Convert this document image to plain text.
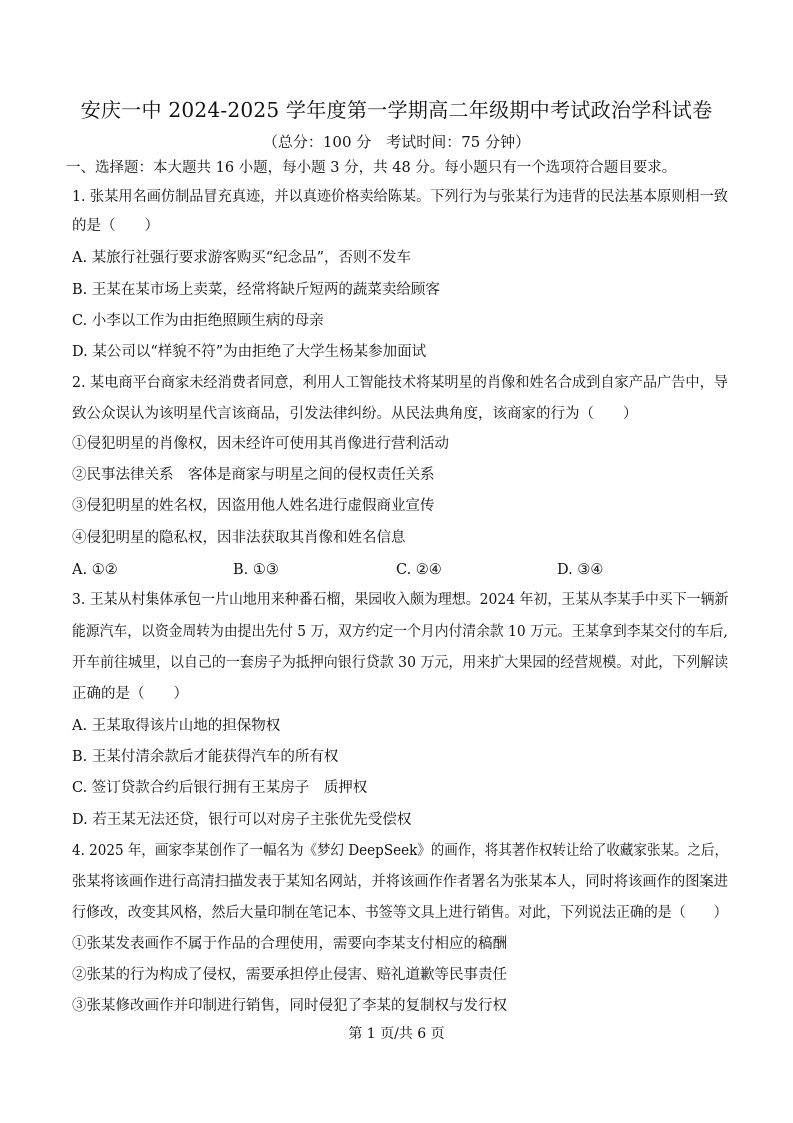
安庆一中 2024-2025 学年度第一学期高二年级期中考试政治学科试卷
（总分：100 分　考试时间：75 分钟）
一、选择题：本大题共 16 小题，每小题 3 分，共 48 分。每小题只有一个选项符合题目要求。
1. 张某用名画仿制品冒充真迹，并以真迹价格卖给陈某。下列行为与张某行为违背的民法基本原则相一致
的是（　　）
A. 某旅行社强行要求游客购买“纪念品”，否则不发车
B. 王某在某市场上卖菜，经常将缺斤短两的蔬菜卖给顾客
C. 小李以工作为由拒绝照顾生病的母亲
D. 某公司以“样貌不符”为由拒绝了大学生杨某参加面试
2. 某电商平台商家未经消费者同意，利用人工智能技术将某明星的肖像和姓名合成到自家产品广告中，导
致公众误认为该明星代言该商品，引发法律纠纷。从民法典角度，该商家的行为（　　）
①侵犯明星的肖像权，因未经许可使用其肖像进行营利活动
②民事法律关系　客体是商家与明星之间的侵权责任关系
③侵犯明星的姓名权，因盗用他人姓名进行虚假商业宣传
④侵犯明星的隐私权，因非法获取其肖像和姓名信息
A. ①②	B. ①③	C. ②④	D. ③④
3. 王某从村集体承包一片山地用来种番石榴，果园收入颇为理想。2024 年初，王某从李某手中买下一辆新
能源汽车，以资金周转为由提出先付 5 万，双方约定一个月内付清余款 10 万元。王某拿到李某交付的车后,
开车前往城里，以自己的一套房子为抵押向银行贷款 30 万元，用来扩大果园的经营规模。对此，下列解读
正确的是（　　）
A. 王某取得该片山地的担保物权
B. 王某付清余款后才能获得汽车的所有权
C. 签订贷款合约后银行拥有王某房子　质押权
D. 若王某无法还贷，银行可以对房子主张优先受偿权
4. 2025 年，画家李某创作了一幅名为《梦幻 DeepSeek》的画作，将其著作权转让给了收藏家张某。之后，
张某将该画作进行高清扫描发表于某知名网站，并将该画作作者署名为张某本人，同时将该画作的图案进
行修改，改变其风格，然后大量印制在笔记本、书签等文具上进行销售。对此，下列说法正确的是（　　）
①张某发表画作不属于作品的合理使用，需要向李某支付相应的稿酬
②张某的行为构成了侵权，需要承担停止侵害、赔礼道歉等民事责任
③张某修改画作并印制进行销售，同时侵犯了李某的复制权与发行权
第 1 页/共 6 页
